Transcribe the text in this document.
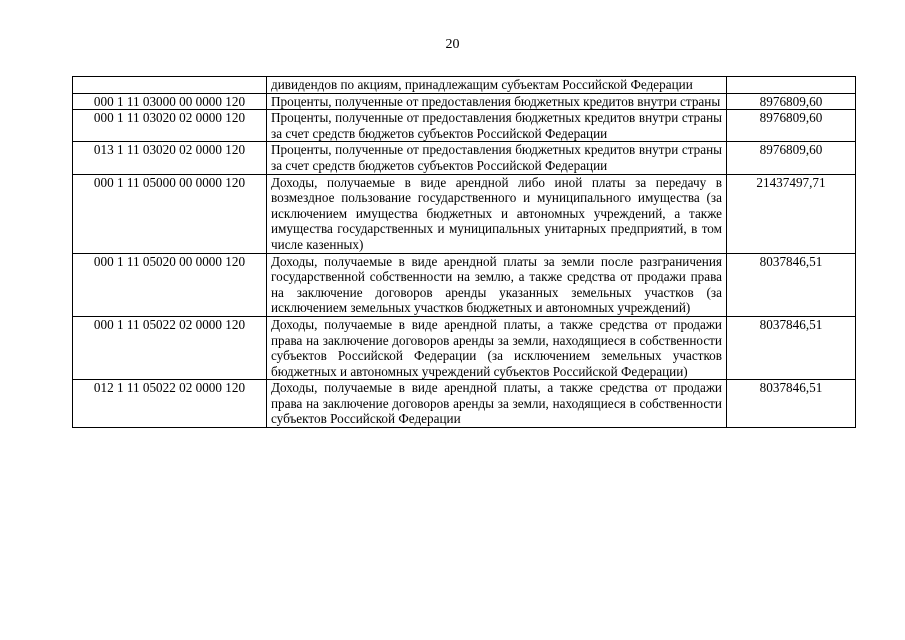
20
	дивидендов по акциям, принадлежащим субъектам Российской Федерации	
000 1 11 03000 00 0000 120	Проценты, полученные от предоставления бюджетных кредитов внутри страны	8976809,60
000 1 11 03020 02 0000 120	Проценты, полученные от предоставления бюджетных кредитов внутри страны за счет средств бюджетов субъектов Российской Федерации	8976809,60
013 1 11 03020 02 0000 120	Проценты, полученные от предоставления бюджетных кредитов внутри страны за счет средств бюджетов субъектов Российской Федерации	8976809,60
000 1 11 05000 00 0000 120	Доходы, получаемые в виде арендной либо иной платы за передачу в возмездное пользование государственного и муниципального имущества (за исключением имущества бюджетных и автономных учреждений, а также имущества государственных и муниципальных унитарных предприятий, в том числе казенных)	21437497,71
000 1 11 05020 00 0000 120	Доходы, получаемые в виде арендной платы за земли после разграничения государственной собственности на землю, а также средства от продажи права на заключение договоров аренды указанных земельных участков (за исключением земельных участков бюджетных и автономных учреждений)	8037846,51
000 1 11 05022 02 0000 120	Доходы, получаемые в виде арендной платы, а также средства от продажи права на заключение договоров аренды за земли, находящиеся в собственности субъектов Российской Федерации (за исключением земельных участков бюджетных и автономных учреждений субъектов Российской Федерации)	8037846,51
012 1 11 05022 02 0000 120	Доходы, получаемые в виде арендной платы, а также средства от продажи права на заключение договоров аренды за земли, находящиеся в собственности субъектов Российской Федерации	8037846,51
